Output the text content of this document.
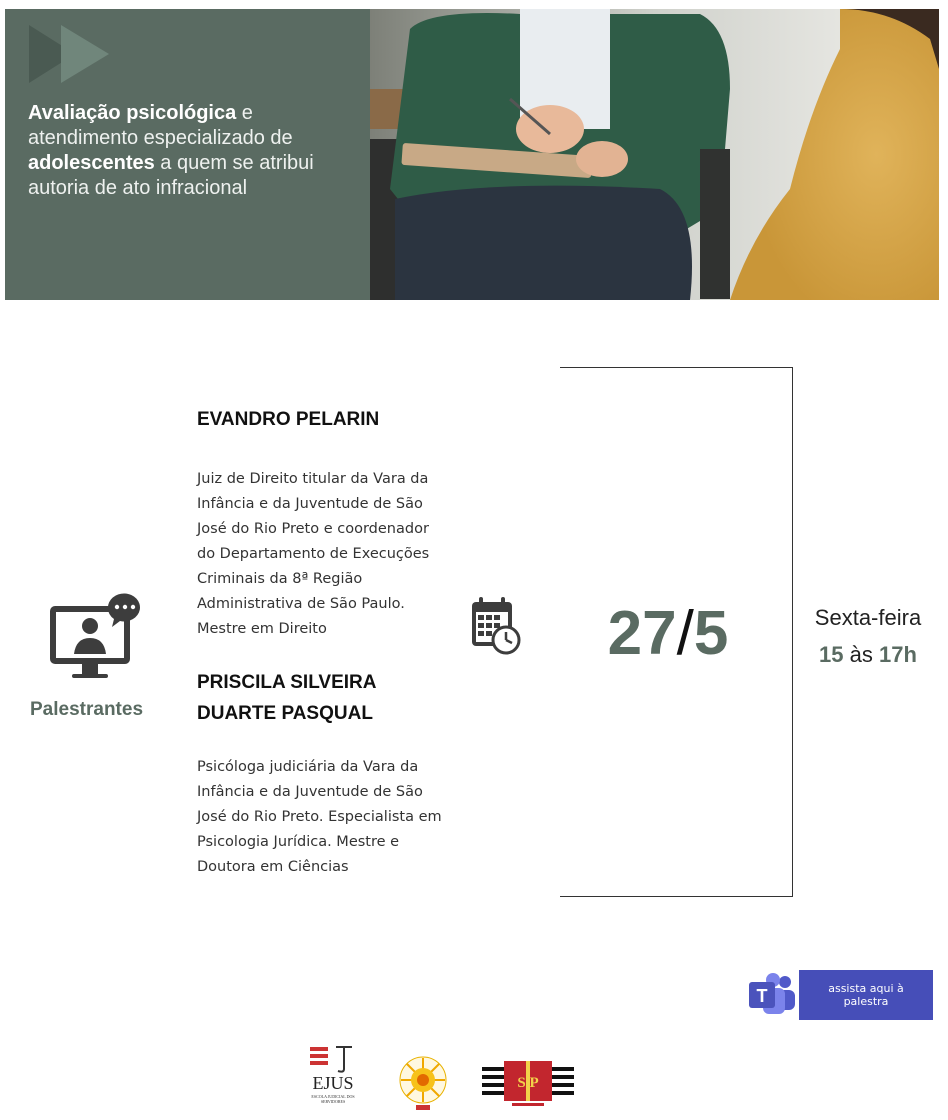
Avaliação psicológica e atendimento especializado de adolescentes a quem se atribui autoria de ato infracional
Palestrantes
EVANDRO PELARIN
Juiz de Direito titular da Vara da Infância e da Juventude de São José do Rio Preto e coordenador do Departamento de Execuções Criminais da 8ª Região Administrativa de São Paulo. Mestre em Direito
PRISCILA SILVEIRA
DUARTE PASQUAL
Psicóloga judiciária da Vara da Infância e da Juventude de São José do Rio Preto. Especialista em Psicologia Jurídica. Mestre e Doutora em Ciências
27/5	Sexta-feira
15 às 17h
T	assista aqui à palestra
EJUS
ESCOLA JUDICIAL DOS SERVIDORES
S P
